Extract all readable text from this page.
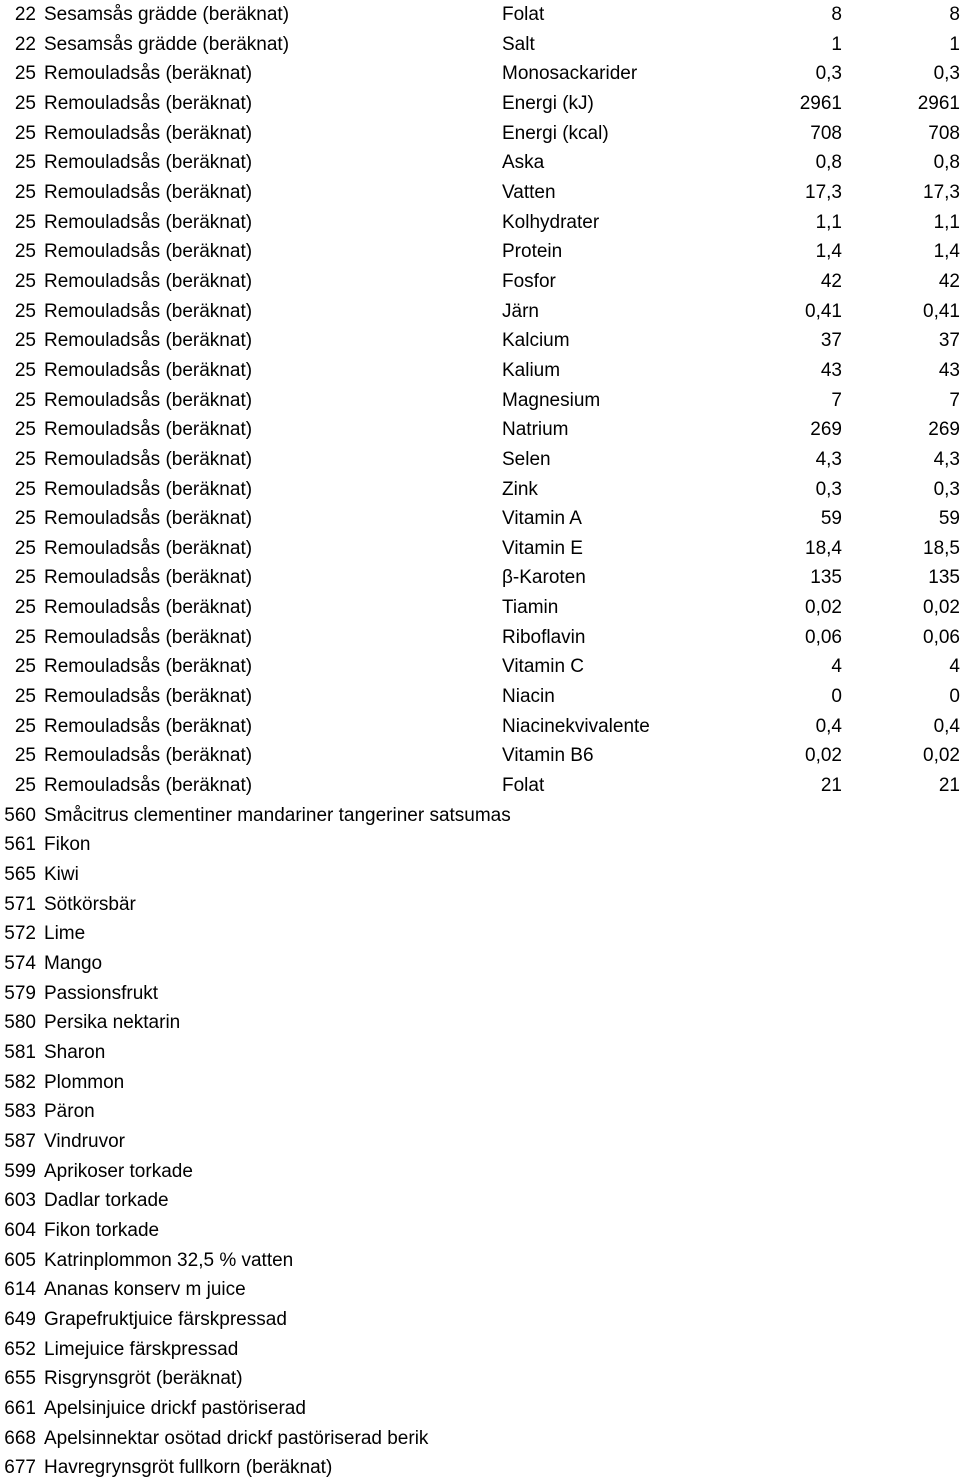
22 Sesamsås grädde (beräknat)	Folat	8	8
22 Sesamsås grädde (beräknat)	Salt	1	1
25 Remouladsås (beräknat)	Monosackarider	0,3	0,3
25 Remouladsås (beräknat)	Energi (kJ)	2961	2961
25 Remouladsås (beräknat)	Energi (kcal)	708	708
25 Remouladsås (beräknat)	Aska	0,8	0,8
25 Remouladsås (beräknat)	Vatten	17,3	17,3
25 Remouladsås (beräknat)	Kolhydrater	1,1	1,1
25 Remouladsås (beräknat)	Protein	1,4	1,4
25 Remouladsås (beräknat)	Fosfor	42	42
25 Remouladsås (beräknat)	Järn	0,41	0,41
25 Remouladsås (beräknat)	Kalcium	37	37
25 Remouladsås (beräknat)	Kalium	43	43
25 Remouladsås (beräknat)	Magnesium	7	7
25 Remouladsås (beräknat)	Natrium	269	269
25 Remouladsås (beräknat)	Selen	4,3	4,3
25 Remouladsås (beräknat)	Zink	0,3	0,3
25 Remouladsås (beräknat)	Vitamin A	59	59
25 Remouladsås (beräknat)	Vitamin E	18,4	18,5
25 Remouladsås (beräknat)	β-Karoten	135	135
25 Remouladsås (beräknat)	Tiamin	0,02	0,02
25 Remouladsås (beräknat)	Riboflavin	0,06	0,06
25 Remouladsås (beräknat)	Vitamin C	4	4
25 Remouladsås (beräknat)	Niacin	0	0
25 Remouladsås (beräknat)	Niacinekvivalente	0,4	0,4
25 Remouladsås (beräknat)	Vitamin B6	0,02	0,02
25 Remouladsås (beräknat)	Folat	21	21
560 Småcitrus clementiner mandariner tangeriner satsumas
561 Fikon
565 Kiwi
571 Sötkörsbär
572 Lime
574 Mango
579 Passionsfrukt
580 Persika nektarin
581 Sharon
582 Plommon
583 Päron
587 Vindruvor
599 Aprikoser torkade
603 Dadlar torkade
604 Fikon torkade
605 Katrinplommon 32,5 % vatten
614 Ananas konserv m juice
649 Grapefruktjuice färskpressad
652 Limejuice färskpressad
655 Risgrynsgröt (beräknat)
661 Apelsinjuice drickf pastöriserad
668 Apelsinnektar osötad drickf pastöriserad berik
677 Havregrynsgröt fullkorn (beräknat)
